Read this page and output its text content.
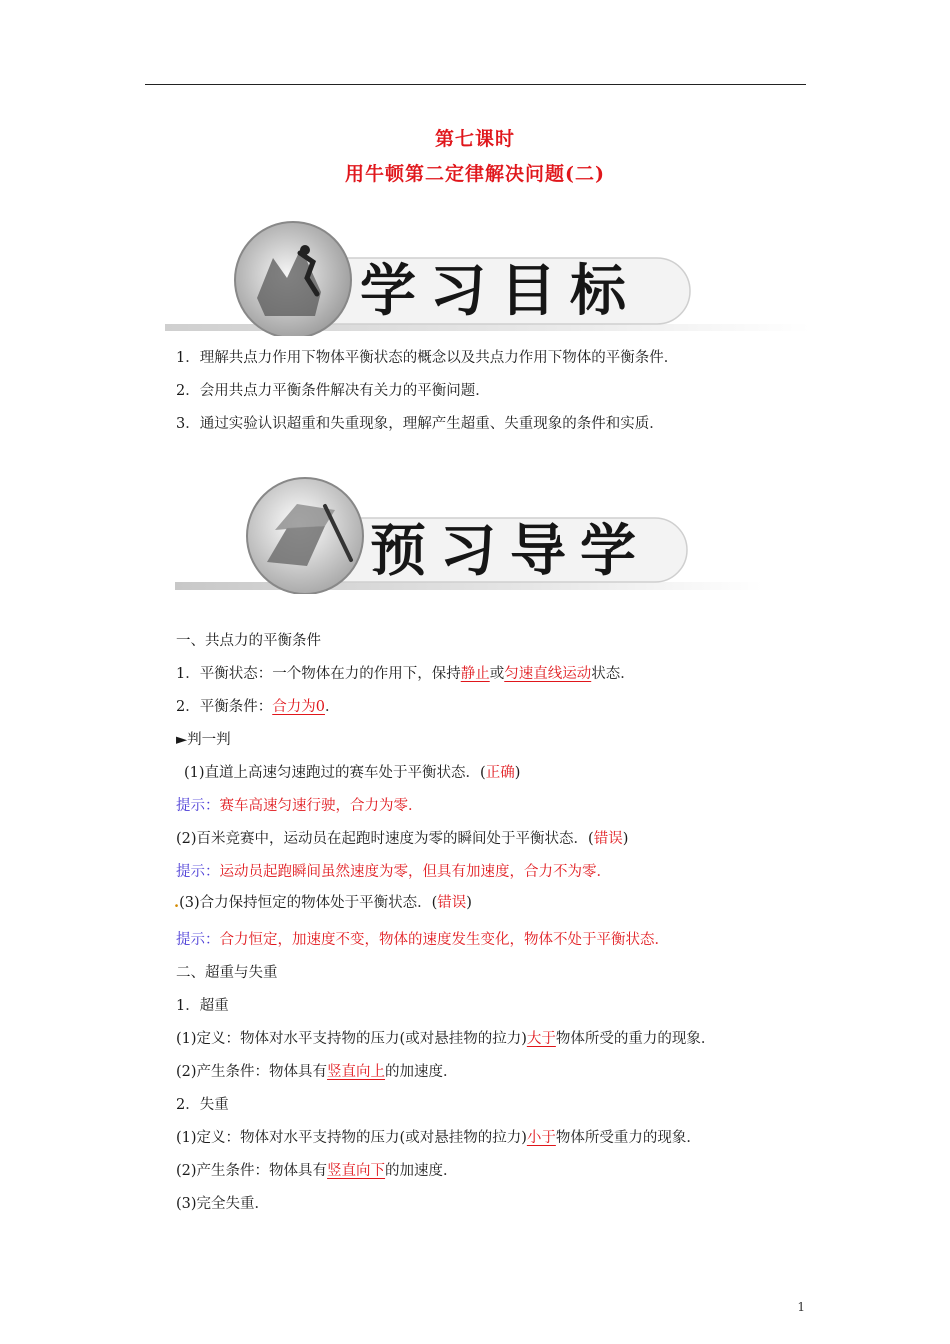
第七课时
用牛顿第二定律解决问题(二)
学习目标
1．理解共点力作用下物体平衡状态的概念以及共点力作用下物体的平衡条件．
2．会用共点力平衡条件解决有关力的平衡问题．
3．通过实验认识超重和失重现象，理解产生超重、失重现象的条件和实质．
预习导学
一、共点力的平衡条件
1．平衡状态：一个物体在力的作用下，保持静止或匀速直线运动状态．
2．平衡条件：合力为0．
►判一判
(1)直道上高速匀速跑过的赛车处于平衡状态．(正确)
提示：赛车高速匀速行驶，合力为零．
(2)百米竞赛中，运动员在起跑时速度为零的瞬间处于平衡状态．(错误)
提示：运动员起跑瞬间虽然速度为零，但具有加速度，合力不为零．
.(3)合力保持恒定的物体处于平衡状态．(错误)
提示：合力恒定，加速度不变，物体的速度发生变化，物体不处于平衡状态．
二、超重与失重
1．超重
(1)定义：物体对水平支持物的压力(或对悬挂物的拉力)大于物体所受的重力的现象．
(2)产生条件：物体具有竖直向上的加速度．
2．失重
(1)定义：物体对水平支持物的压力(或对悬挂物的拉力)小于物体所受重力的现象．
(2)产生条件：物体具有竖直向下的加速度．
(3)完全失重．
1
